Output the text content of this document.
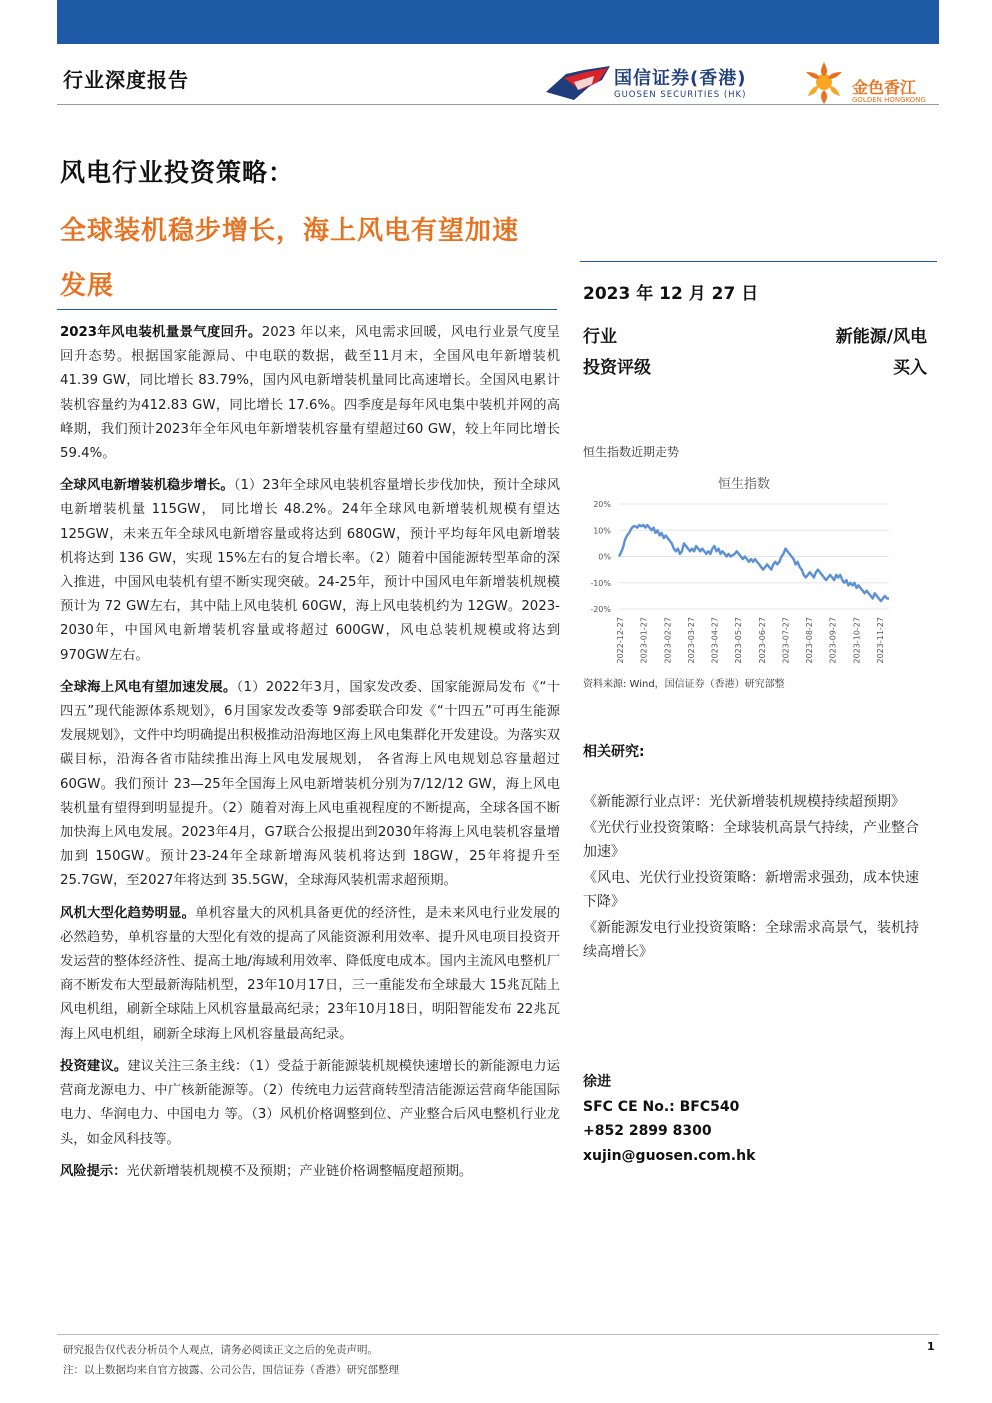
行业深度报告	国信证券(香港)
GUOSEN SECURITIES (HK)	金色香江
GOLDEN HONGKONG
风电行业投资策略：
全球装机稳步增长，海上风电有望加速
发展	2023 年 12 月 27 日
行业	新能源/风电
投资评级	买入
恒生指数近期走势
恒生指数
20%
10%
0%
-10%
-20%
2022-12-27 2023-01-27 2023-02-27 2023-03-27 2023-04-27 2023-05-27 2023-06-27 2023-07-27 2023-08-27 2023-09-27 2023-10-27 2023-11-27
资料来源: Wind，国信证券（香港）研究部整
相关研究:
《新能源行业点评：光伏新增装机规模持续超预期》
《光伏行业投资策略：全球装机高景气持续，产业整合加速》
《风电、光伏行业投资策略：新增需求强劲，成本快速下降》
《新能源发电行业投资策略：全球需求高景气，装机持续高增长》
徐进
SFC CE No.: BFC540
+852 2899 8300
xujin@guosen.com.hk

2023年风电装机量景气度回升。2023 年以来，风电需求回暖，风电行业景气度呈回升态势。根据国家能源局、中电联的数据，截至11月末，全国风电年新增装机41.39 GW，同比增长 83.79%，国内风电新增装机量同比高速增长。全国风电累计装机容量约为412.83 GW，同比增长 17.6%。四季度是每年风电集中装机并网的高峰期，我们预计2023年全年风电年新增装机容量有望超过60 GW，较上年同比增长 59.4%。

全球风电新增装机稳步增长。（1）23年全球风电装机容量增长步伐加快，预计全球风电新增装机量 115GW， 同比增长 48.2%。24年全球风电新增装机规模有望达125GW，未来五年全球风电新增容量或将达到 680GW，预计平均每年风电新增装机将达到 136 GW，实现 15%左右的复合增长率。（2）随着中国能源转型革命的深入推进，中国风电装机有望不断实现突破。24-25年，预计中国风电年新增装机规模预计为 72 GW左右，其中陆上风电装机 60GW，海上风电装机约为 12GW。2023-2030年，中国风电新增装机容量或将超过 600GW，风电总装机规模或将达到 970GW左右。

全球海上风电有望加速发展。（1）2022年3月，国家发改委、国家能源局发布《“十四五”现代能源体系规划》，6月国家发改委等 9部委联合印发《“十四五”可再生能源发展规划》，文件中均明确提出积极推动沿海地区海上风电集群化开发建设。为落实双碳目标，沿海各省市陆续推出海上风电发展规划， 各省海上风电规划总容量超过 60GW。我们预计 23—25年全国海上风电新增装机分别为7/12/12 GW，海上风电装机量有望得到明显提升。（2）随着对海上风电重视程度的不断提高，全球各国不断加快海上风电发展。2023年4月，G7联合公报提出到2030年将海上风电装机容量增加到 150GW。预计23-24年全球新增海风装机将达到 18GW，25年将提升至25.7GW，至2027年将达到 35.5GW，全球海风装机需求超预期。

风机大型化趋势明显。单机容量大的风机具备更优的经济性，是未来风电行业发展的必然趋势，单机容量的大型化有效的提高了风能资源利用效率、提升风电项目投资开发运营的整体经济性、提高土地/海域利用效率、降低度电成本。国内主流风电整机厂商不断发布大型最新海陆机型，23年10月17日，三一重能发布全球最大 15兆瓦陆上风电机组，刷新全球陆上风机容量最高纪录；23年10月18日，明阳智能发布 22兆瓦海上风电机组，刷新全球海上风机容量最高纪录。

投资建议。建议关注三条主线：（1）受益于新能源装机规模快速增长的新能源电力运营商龙源电力、中广核新能源等。（2）传统电力运营商转型清洁能源运营商华能国际电力、华润电力、中国电力 等。（3）风机价格调整到位、产业整合后风电整机行业龙头，如金风科技等。

风险提示：光伏新增装机规模不及预期；产业链价格调整幅度超预期。

研究报告仅代表分析员个人观点，请务必阅读正文之后的免责声明。
注：以上数据均来自官方披露、公司公告，国信证券（香港）研究部整理
1
